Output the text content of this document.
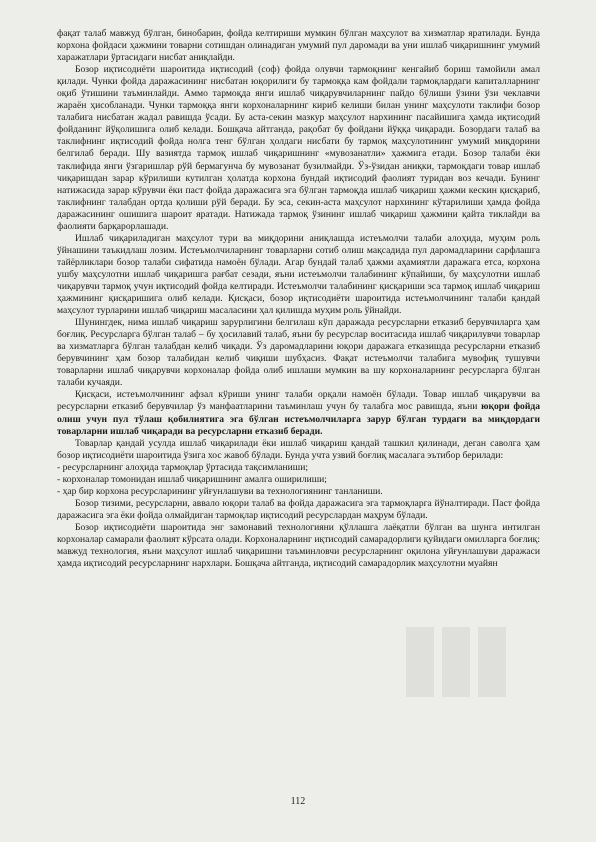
фақат талаб мавжуд бўлган, бинобарин, фойда келтириши мумкин бўлган маҳсулот ва хизматлар яратилади. Бунда корхона фойдаси ҳажмини товарни сотишдан олинадиган умумий пул даромади ва уни ишлаб чиқаришнинг умумий харажатлари ўртасидаги нисбат аниқлайди.

Бозор иқтисодиёти шароитида иқтисодий (соф) фойда олувчи тармоқнинг кенгайиб бориш тамойили амал қилади. Чунки фойда даражасининг нисбатан юқорилиги бу тармоққа кам фойдали тармоқлардаги капиталларнинг оқиб ўтишини таъминлайди. Аммо тармоқда янги ишлаб чиқарувчиларнинг пайдо бўлиши ўзини ўзи чеклавчи жараён ҳисобланади. Чунки тармоққа янги корхоналарнинг кириб келиши билан унинг маҳсулоти таклифи бозор талабига нисбатан жадал равишда ўсади. Бу аста-секин мазкур маҳсулот нархининг пасайишига ҳамда иқтисодий фойданинг йўқолишига олиб келади. Бошқача айтганда, рақобат бу фойдани йўққа чиқаради. Бозордаги талаб ва таклифнинг иқтисодий фойда нолга тенг бўлган ҳолдаги нисбати бу тармоқ маҳсулотининг умумий миқдорини белгилаб беради. Шу вазиятда тармоқ ишлаб чиқаришнинг «мувозанатли» ҳажмига етади. Бозор талаби ёки таклифида янги ўзгаришлар рўй бермагунча бу мувозанат бузилмайди. Ўз-ўзидан аниқки, тармоқдаги товар ишлаб чиқаришдан зарар кўрилиши кутилган ҳолатда корхона бундай иқтисодий фаолият туридан воз кечади. Бунинг натижасида зарар кўрувчи ёки паст фойда даражасига эга бўлган тармоқда ишлаб чиқариш ҳажми кескин қисқариб, таклифнинг талабдан ортда қолиши рўй беради. Бу эса, секин-аста маҳсулот нархининг кўтарилиши ҳамда фойда даражасининг ошишига шароит яратади. Натижада тармоқ ўзининг ишлаб чиқариш ҳажмини қайта тиклайди ва фаолияти барқарорлашади.

Ишлаб чиқариладиган маҳсулот тури ва миқдорини аниқлашда истеъмолчи талаби алоҳида, муҳим роль ўйнашини таъкидлаш лозим. Истеъмолчиларнинг товарларни сотиб олиш мақсадида пул даромадларини сарфлашга тайёрликлари бозор талаби сифатида намоён бўлади. Агар бундай талаб ҳажми аҳамиятли даражага етса, корхона ушбу маҳсулотни ишлаб чиқаришга рағбат сезади, яъни истеъмолчи талабининг кўпайиши, бу маҳсулотни ишлаб чиқарувчи тармоқ учун иқтисодий фойда келтиради. Истеъмолчи талабининг қисқариши эса тармоқ ишлаб чиқариш ҳажмининг қисқаришига олиб келади. Қисқаси, бозор иқтисодиёти шароитида истеъмолчининг талаби қандай маҳсулот турларини ишлаб чиқариш масаласини ҳал қилишда муҳим роль ўйнайди.

Шунингдек, нима ишлаб чиқариш зарурлигини белгилаш кўп даражада ресурсларни етказиб берувчиларга ҳам боғлиқ. Ресурсларга бўлган талаб – бу ҳосилавий талаб, яъни бу ресурслар воситасида ишлаб чиқарилувчи товарлар ва хизматларга бўлган талабдан келиб чиқади. Ўз даромадларини юқори даражага етказишда ресурсларни етказиб берувчининг ҳам бозор талабидан келиб чиқиши шубҳасиз. Фақат истеъмолчи талабига мувофиқ тушувчи товарларни ишлаб чиқарувчи корхоналар фойда олиб ишлаши мумкин ва шу корхоналарнинг ресурсларга бўлган талаби кучаяди.

Қисқаси, истеъмолчининг афзал кўриши унинг талаби орқали намоён бўлади. Товар ишлаб чиқарувчи ва ресурсларни етказиб берувчилар ўз манфаатларини таъминлаш учун бу талабга мос равишда, яъни юқори фойда олиш учун пул тўлаш қобилиятига эга бўлган истеъмолчиларга зарур бўлган турдаги ва миқдордаги товарларни ишлаб чиқаради ва ресурсларни етказиб беради.

Товарлар қандай усулда ишлаб чиқарилади ёки ишлаб чиқариш қандай ташкил қилинади, деган саволга ҳам бозор иқтисодиёти шароитида ўзига хос жавоб бўлади. Бунда учта узвий боғлиқ масалага эътибор берилади:

- ресурсларнинг алоҳида тармоқлар ўртасида тақсимланиши;

- корхоналар томонидан ишлаб чиқаришнинг амалга оширилиши;

- ҳар бир корхона ресурсларининг уйғунлашуви ва технологиянинг танланиши.

Бозор тизими, ресурсларни, аввало юқори талаб ва фойда даражасига эга тармоқларга йўналтиради. Паст фойда даражасига эга ёки фойда олмайдиган тармоқлар иқтисодий ресурслардан маҳрум бўлади.

Бозор иқтисодиёти шароитида энг замонавий технологияни қўллашга лаёқатли бўлган ва шунга интилган корхоналар самарали фаолият кўрсата олади. Корхоналарнинг иқтисодий самарадорлиги қуйидаги омилларга боғлиқ: мавжуд технология, яъни маҳсулот ишлаб чиқаришни таъминловчи ресурсларнинг оқилона уйғунлашуви даражаси ҳамда иқтисодий ресурсларнинг нархлари. Бошқача айтганда, иқтисодий самарадорлик маҳсулотни муайян

112
